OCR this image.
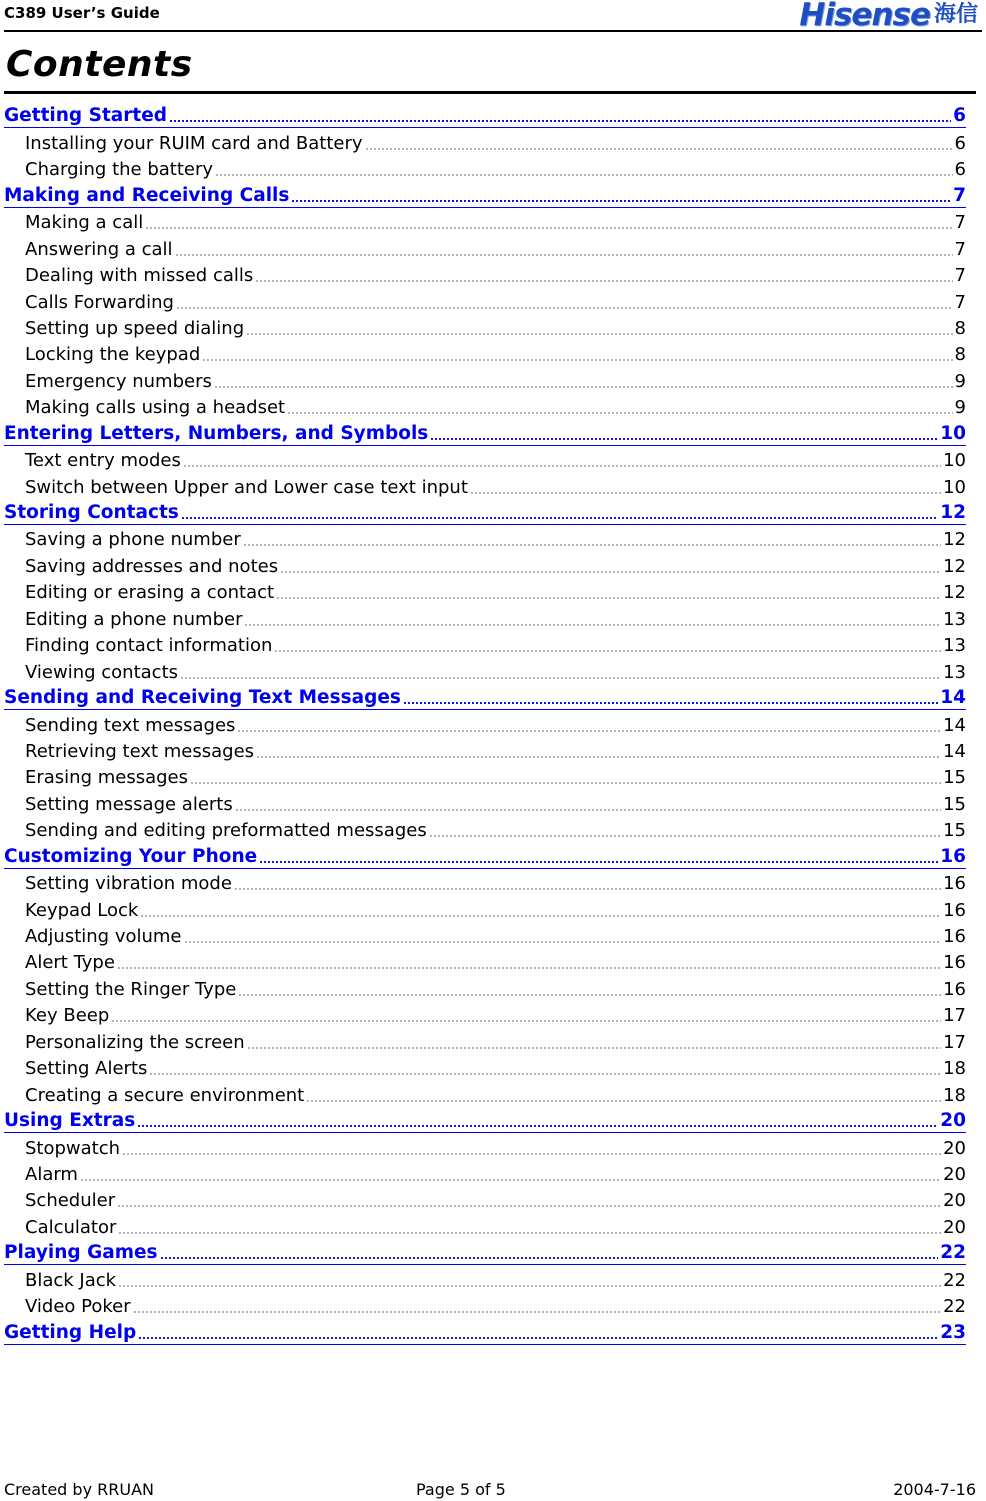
C389 User’s Guide	Hisense 海信
Contents
Getting Started	6
Installing your RUIM card and Battery	6
Charging the battery	6
Making and Receiving Calls	7
Making a call	7
Answering a call	7
Dealing with missed calls	7
Calls Forwarding	7
Setting up speed dialing	8
Locking the keypad	8
Emergency numbers	9
Making calls using a headset	9
Entering Letters, Numbers, and Symbols	10
Text entry modes	10
Switch between Upper and Lower case text input	10
Storing Contacts	12
Saving a phone number	12
Saving addresses and notes	12
Editing or erasing a contact	12
Editing a phone number	13
Finding contact information	13
Viewing contacts	13
Sending and Receiving Text Messages	14
Sending text messages	14
Retrieving text messages	14
Erasing messages	15
Setting message alerts	15
Sending and editing preformatted messages	15
Customizing Your Phone	16
Setting vibration mode	16
Keypad Lock	16
Adjusting volume	16
Alert Type	16
Setting the Ringer Type	16
Key Beep	17
Personalizing the screen	17
Setting Alerts	18
Creating a secure environment	18
Using Extras	20
Stopwatch	20
Alarm	20
Scheduler	20
Calculator	20
Playing Games	22
Black Jack	22
Video Poker	22
Getting Help	23
Created by RRUAN	Page 5 of 5	2004-7-16
